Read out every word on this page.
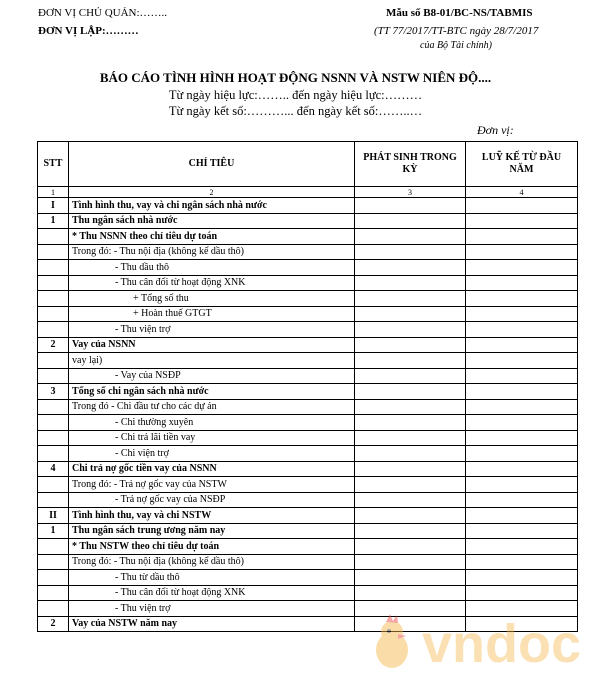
ĐƠN VỊ CHỦ QUẢN:……..
ĐƠN VỊ LẬP:………
Mẫu số B8-01/BC-NS/TABMIS
(TT 77/2017/TT-BTC ngày 28/7/2017
của Bộ Tài chính)
BÁO CÁO TÌNH HÌNH HOẠT ĐỘNG NSNN VÀ NSTW NIÊN ĐỘ....
Từ ngày hiệu lực:…….. đến ngày hiệu lực:………
Từ ngày kết số:………... đến ngày kết số:……..…
Đơn vị:
STT	CHỈ TIÊU	PHÁT SINH TRONG KỲ	LUỸ KẾ TỪ ĐẦU NĂM
1	2	3	4
I	Tình hình thu, vay và chi ngân sách nhà nước		
1	Thu ngân sách nhà nước		
	* Thu NSNN theo chỉ tiêu dự toán		
	Trong đó: - Thu nội địa (không kể dầu thô)		
	- Thu dầu thô		
	- Thu cân đối từ hoạt động XNK		
	+ Tổng số thu		
	+ Hoàn thuế GTGT		
	- Thu viện trợ		
2	Vay của NSNN		
	vay lại)		
	- Vay của NSĐP		
3	Tổng số chi ngân sách nhà nước		
	Trong đó - Chi đầu tư cho các dự án		
	- Chi thường xuyên		
	- Chi trả lãi tiền vay		
	- Chi viện trợ		
4	Chi trả nợ gốc tiền vay của NSNN		
	Trong đó: - Trả nợ gốc vay của NSTW		
	- Trả nợ gốc vay của NSĐP		
II	Tình hình thu, vay và chi NSTW		
1	Thu ngân sách trung ương năm nay		
	* Thu NSTW theo chỉ tiêu dự toán		
	Trong đó: - Thu nội địa (không kể dầu thô)		
	- Thu từ dầu thô		
	- Thu cân đối từ hoạt động XNK		
	- Thu viện trợ		
2	Vay của NSTW năm nay			vndoc
